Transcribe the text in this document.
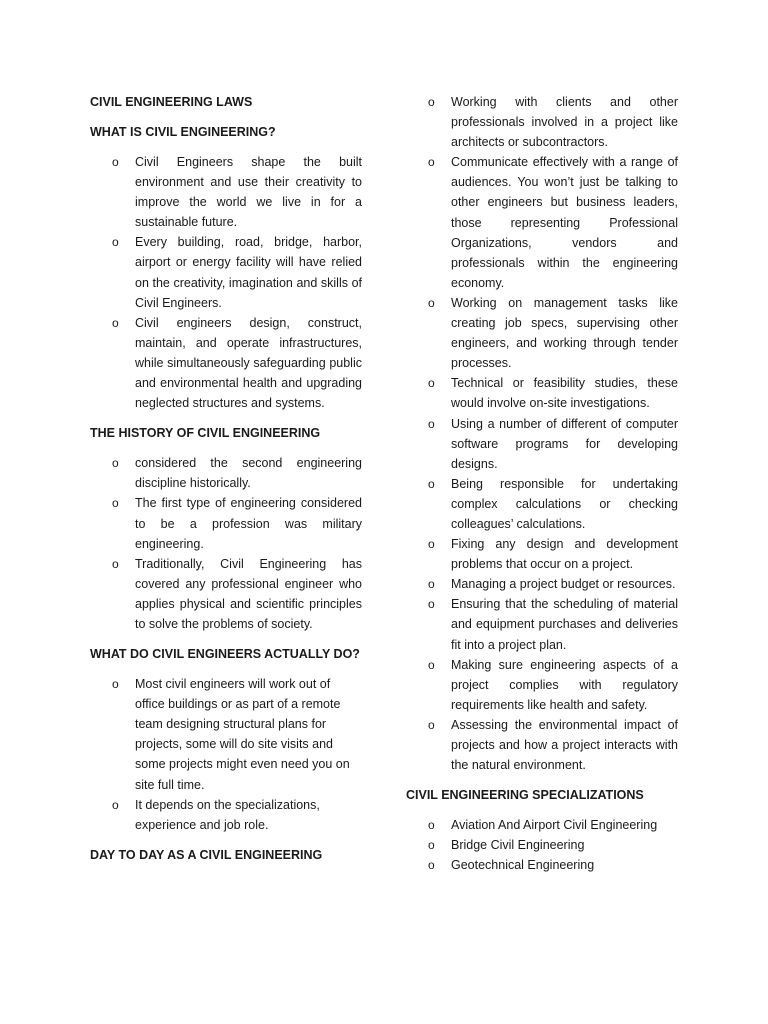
CIVIL ENGINEERING LAWS
WHAT IS CIVIL ENGINEERING?
o Civil Engineers shape the built environment and use their creativity to improve the world we live in for a sustainable future.
o Every building, road, bridge, harbor, airport or energy facility will have relied on the creativity, imagination and skills of Civil Engineers.
o Civil engineers design, construct, maintain, and operate infrastructures, while simultaneously safeguarding public and environmental health and upgrading neglected structures and systems.
THE HISTORY OF CIVIL ENGINEERING
o considered the second engineering discipline historically.
o The first type of engineering considered to be a profession was military engineering.
o Traditionally, Civil Engineering has covered any professional engineer who applies physical and scientific principles to solve the problems of society.
WHAT DO CIVIL ENGINEERS ACTUALLY DO?
o Most civil engineers will work out of office buildings or as part of a remote team designing structural plans for projects, some will do site visits and some projects might even need you on site full time.
o It depends on the specializations, experience and job role.
DAY TO DAY AS A CIVIL ENGINEERING
o Working with clients and other professionals involved in a project like architects or subcontractors.
o Communicate effectively with a range of audiences. You won’t just be talking to other engineers but business leaders, those representing Professional Organizations, vendors and professionals within the engineering economy.
o Working on management tasks like creating job specs, supervising other engineers, and working through tender processes.
o Technical or feasibility studies, these would involve on-site investigations.
o Using a number of different of computer software programs for developing designs.
o Being responsible for undertaking complex calculations or checking colleagues’ calculations.
o Fixing any design and development problems that occur on a project.
o Managing a project budget or resources.
o Ensuring that the scheduling of material and equipment purchases and deliveries fit into a project plan.
o Making sure engineering aspects of a project complies with regulatory requirements like health and safety.
o Assessing the environmental impact of projects and how a project interacts with the natural environment.
CIVIL ENGINEERING SPECIALIZATIONS
o Aviation And Airport Civil Engineering
o Bridge Civil Engineering
o Geotechnical Engineering
